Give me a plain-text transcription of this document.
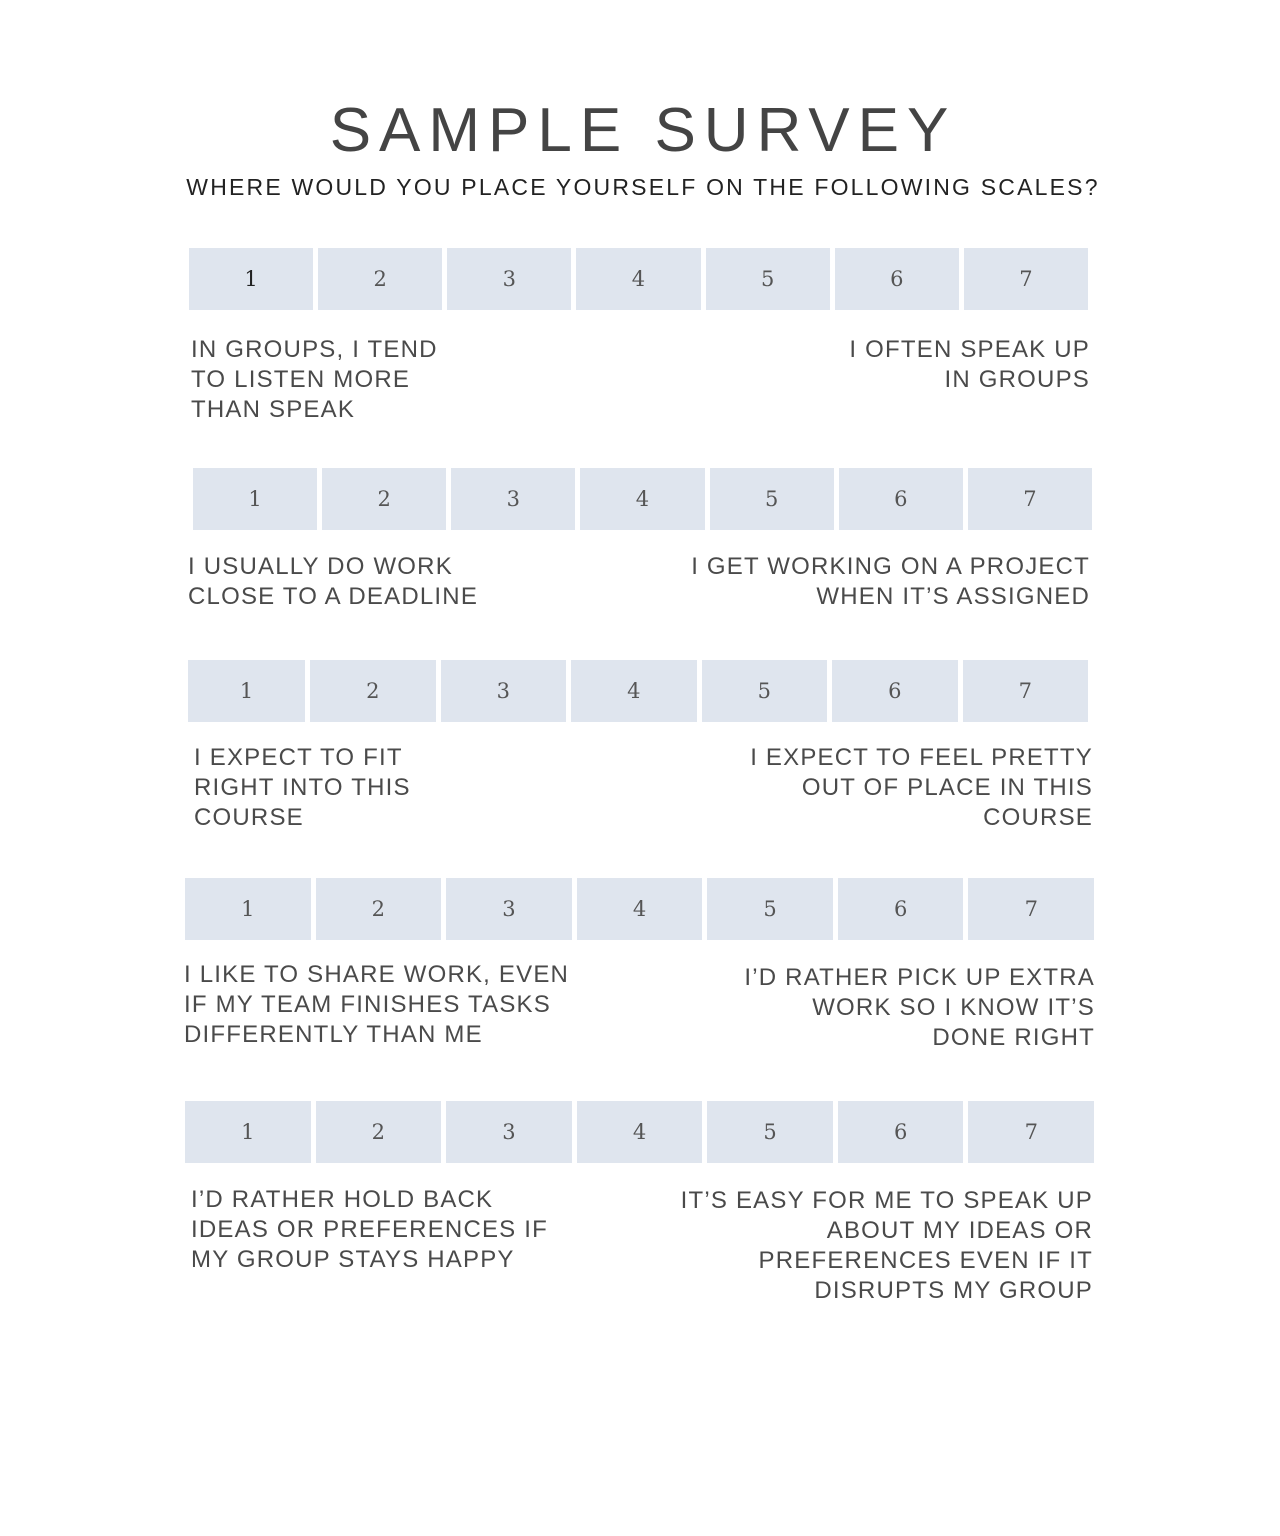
SAMPLE SURVEY

WHERE WOULD YOU PLACE YOURSELF ON THE FOLLOWING SCALES?

1	2	3	4	5	6	7

IN GROUPS, I TEND
TO LISTEN MORE
THAN SPEAK

I OFTEN SPEAK UP
IN GROUPS

1	2	3	4	5	6	7

I USUALLY DO WORK
CLOSE TO A DEADLINE

I GET WORKING ON A PROJECT
WHEN IT’S ASSIGNED

1	2	3	4	5	6	7

I EXPECT TO FIT
RIGHT INTO THIS
COURSE

I EXPECT TO FEEL PRETTY
OUT OF PLACE IN THIS
COURSE

1	2	3	4	5	6	7

I LIKE TO SHARE WORK, EVEN
IF MY TEAM FINISHES TASKS
DIFFERENTLY THAN ME

I’D RATHER PICK UP EXTRA
WORK SO I KNOW IT’S
DONE RIGHT

1	2	3	4	5	6	7

I’D RATHER HOLD BACK
IDEAS OR PREFERENCES IF
MY GROUP STAYS HAPPY

IT’S EASY FOR ME TO SPEAK UP
ABOUT MY IDEAS OR
PREFERENCES EVEN IF IT
DISRUPTS MY GROUP
